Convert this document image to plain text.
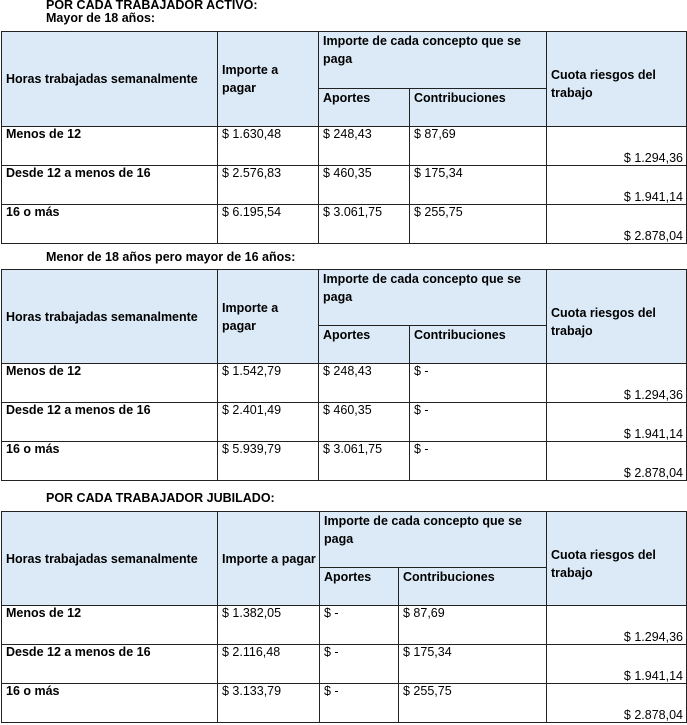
POR CADA TRABAJADOR ACTIVO:
Mayor de 18 años:
Horas trabajadas semanalmente	Importe a pagar	Importe de cada concepto que se paga		Cuota riesgos del trabajo

		Aportes	Contribuciones	
Menos de 12	$ 1.630,48	$ 248,43	$ 87,69	$ 1.294,36
Desde 12 a menos de 16	$ 2.576,83	$ 460,35	$ 175,34	$ 1.941,14
16 o más	$ 6.195,54	$ 3.061,75	$ 255,75	$ 2.878,04
Menor de 18 años pero mayor de 16 años:
Horas trabajadas semanalmente	Importe a pagar	Importe de cada concepto que se paga		Cuota riesgos del trabajo

		Aportes	Contribuciones	
Menos de 12	$ 1.542,79	$ 248,43	$ -	$ 1.294,36
Desde 12 a menos de 16	$ 2.401,49	$ 460,35	$ -	$ 1.941,14
16 o más	$ 5.939,79	$ 3.061,75	$ -	$ 2.878,04
POR CADA TRABAJADOR JUBILADO:
Horas trabajadas semanalmente	Importe a pagar	Importe de cada concepto que se paga		Cuota riesgos del trabajo

		Aportes	Contribuciones	
Menos de 12	$ 1.382,05	$ -	$ 87,69	$ 1.294,36
Desde 12 a menos de 16	$ 2.116,48	$ -	$ 175,34	$ 1.941,14
16 o más	$ 3.133,79	$ -	$ 255,75	$ 2.878,04
